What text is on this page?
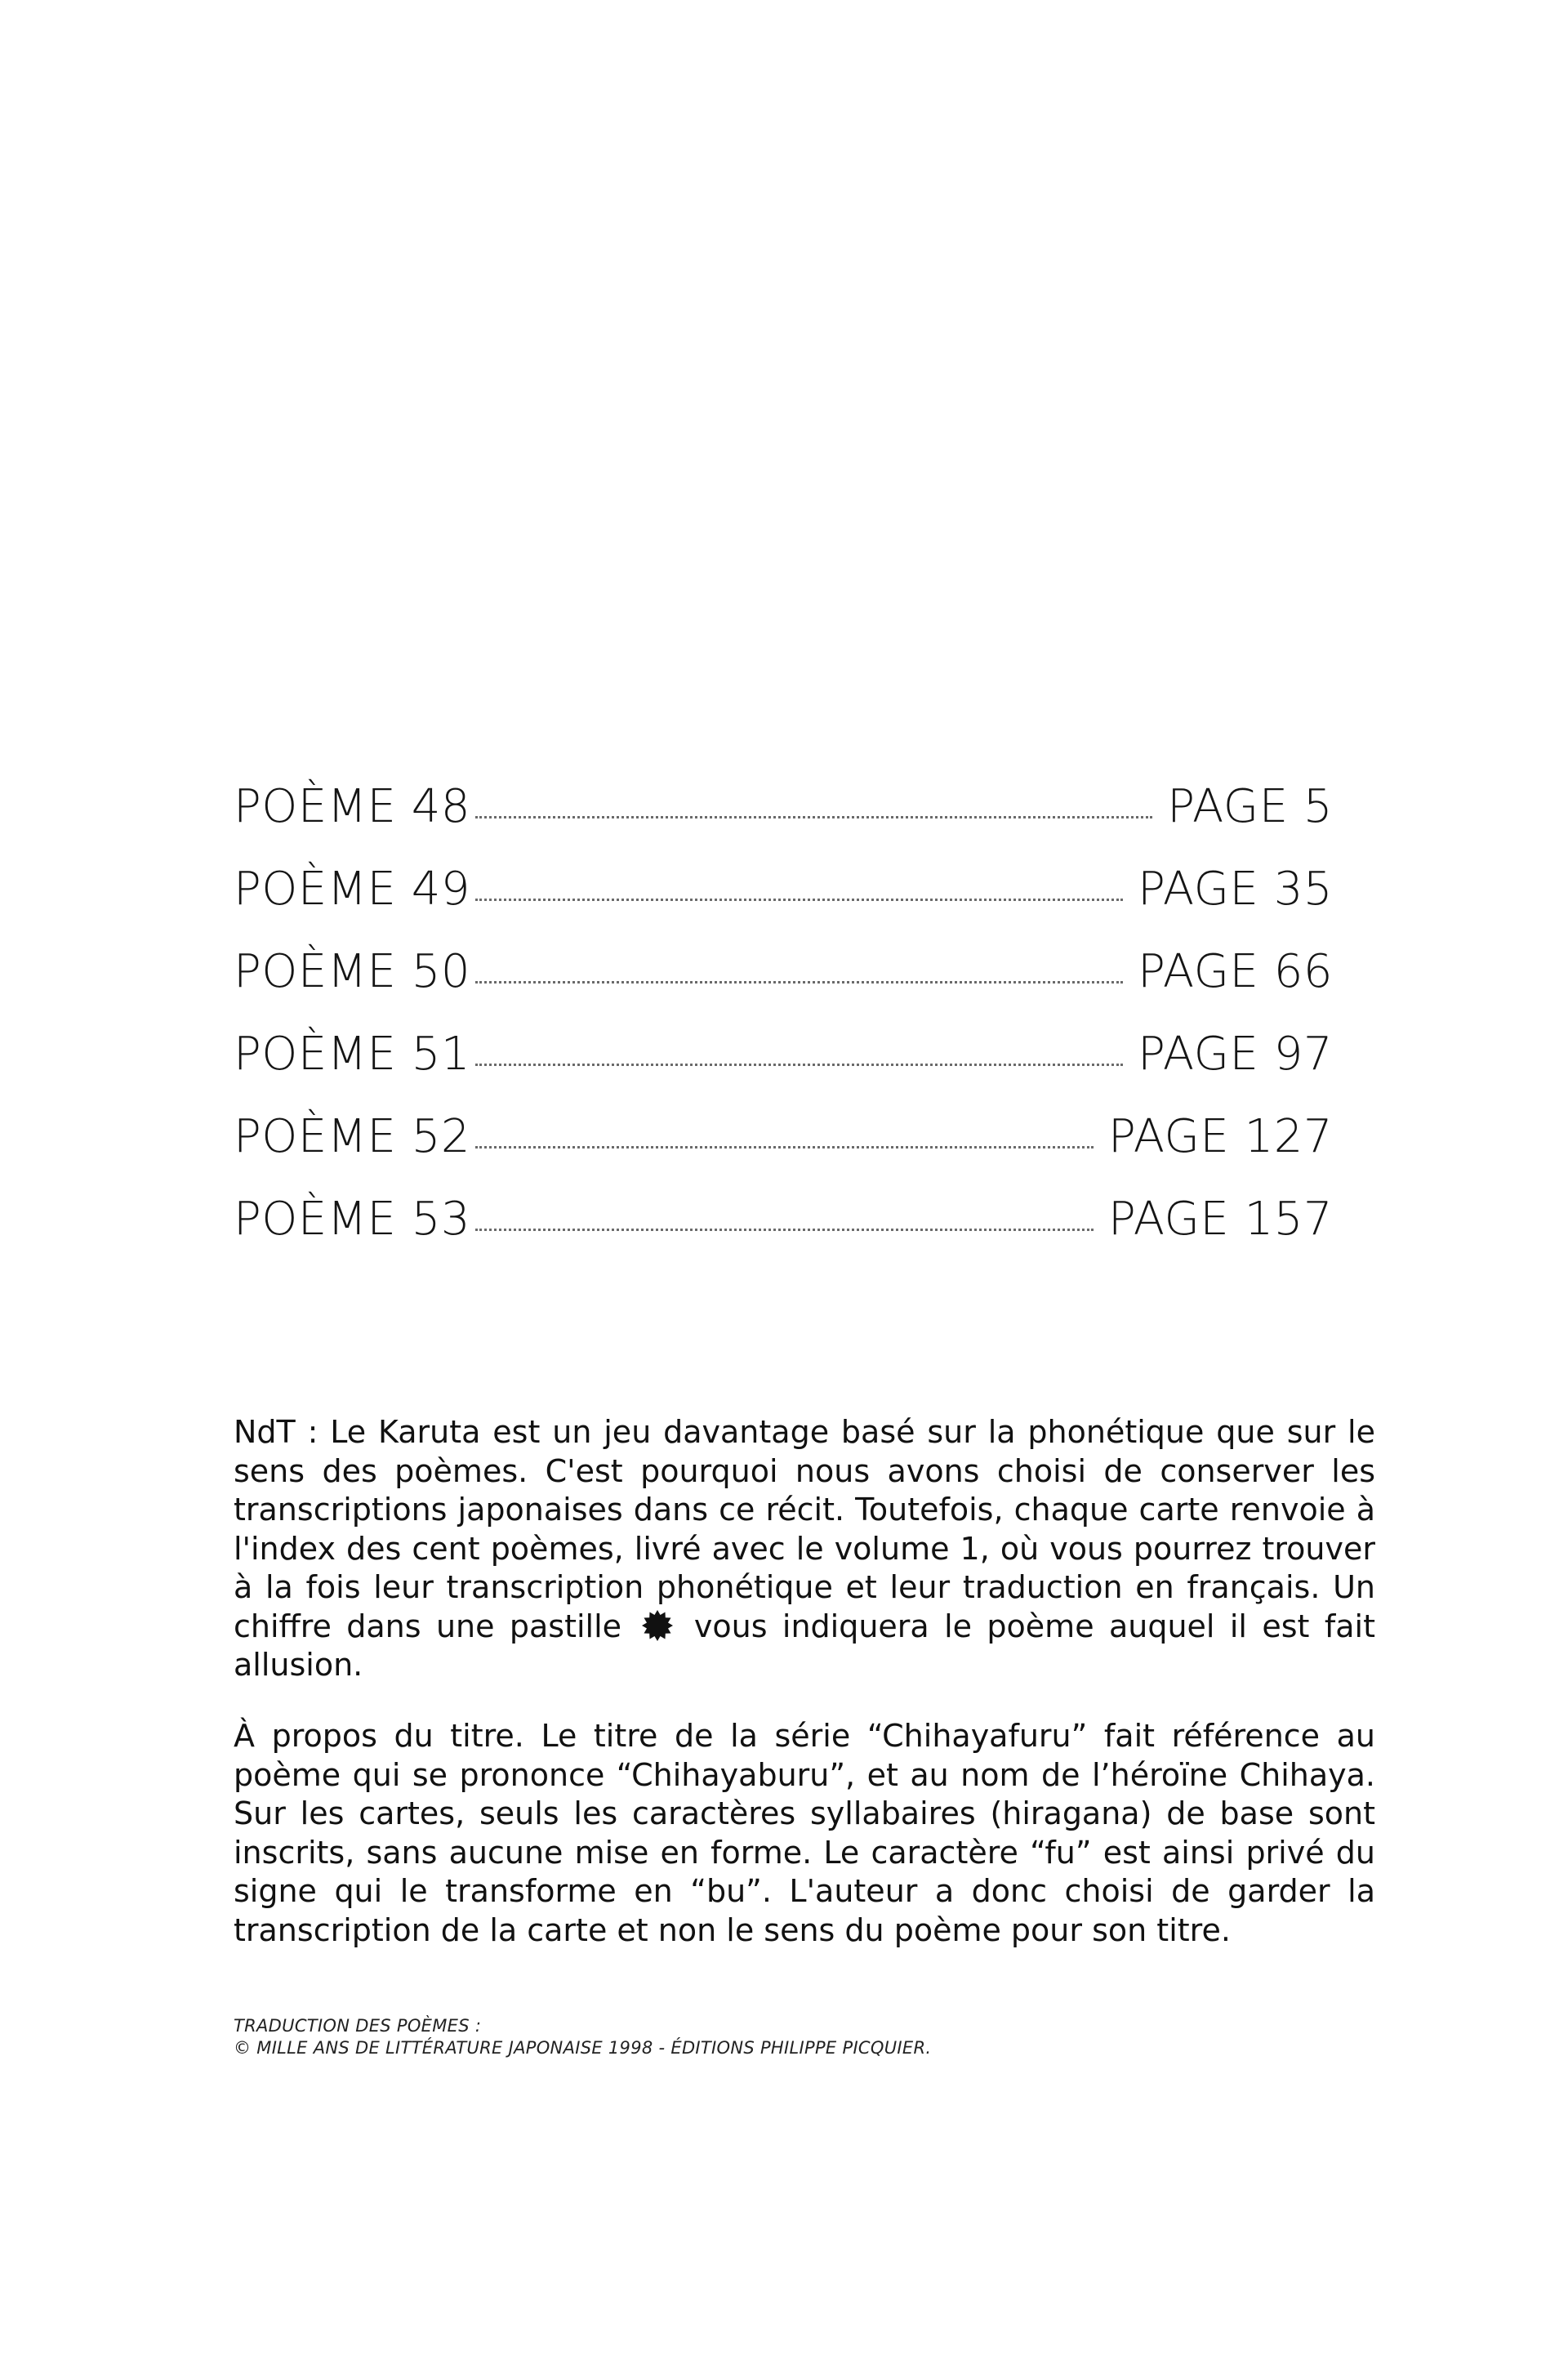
POÈME 48	PAGE 5
POÈME 49	PAGE 35
POÈME 50	PAGE 66
POÈME 51	PAGE 97
POÈME 52	PAGE 127
POÈME 53	PAGE 157
NdT : Le Karuta est un jeu davantage basé sur la phonétique que sur le sens des poèmes. C'est pourquoi nous avons choisi de conserver les transcriptions japonaises dans ce récit. Toutefois, chaque carte renvoie à l'index des cent poèmes, livré avec le volume 1, où vous pourrez trouver à la fois leur transcription phonétique et leur traduction en français. Un chiffre dans une pastille vous indiquera le poème auquel il est fait allusion.
À propos du titre. Le titre de la série “Chihayafuru” fait référence au poème qui se prononce “Chihayaburu”, et au nom de l’héroïne Chihaya. Sur les cartes, seuls les caractères syllabaires (hiragana) de base sont inscrits, sans aucune mise en forme. Le caractère “fu” est ainsi privé du signe qui le transforme en “bu”. L'auteur a donc choisi de garder la transcription de la carte et non le sens du poème pour son titre.
TRADUCTION DES POÈMES :
© MILLE ANS DE LITTÉRATURE JAPONAISE 1998 - ÉDITIONS PHILIPPE PICQUIER.
